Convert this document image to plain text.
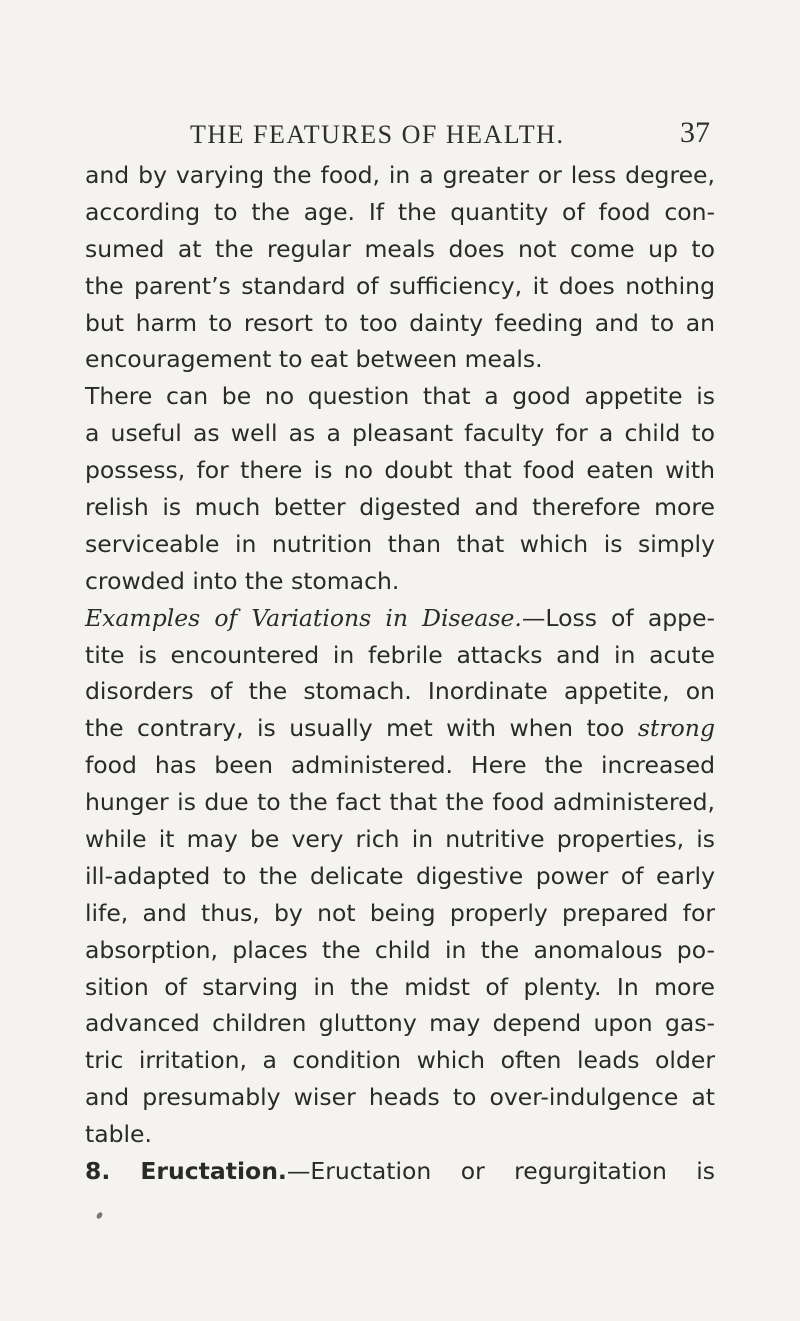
THE FEATURES OF HEALTH.	37
and by varying the food, in a greater or less degree,
according to the age. If the quantity of food con-
sumed at the regular meals does not come up to
the parent’s standard of sufficiency, it does nothing
but harm to resort to too dainty feeding and to an
encouragement to eat between meals.
There can be no question that a good appetite is
a useful as well as a pleasant faculty for a child to
possess, for there is no doubt that food eaten with
relish is much better digested and therefore more
serviceable in nutrition than that which is simply
crowded into the stomach.
Examples of Variations in Disease.—Loss of appe-
tite is encountered in febrile attacks and in acute
disorders of the stomach. Inordinate appetite, on
the contrary, is usually met with when too strong
food has been administered. Here the increased
hunger is due to the fact that the food administered,
while it may be very rich in nutritive properties, is
ill-adapted to the delicate digestive power of early
life, and thus, by not being properly prepared for
absorption, places the child in the anomalous po-
sition of starving in the midst of plenty. In more
advanced children gluttony may depend upon gas-
tric irritation, a condition which often leads older
and presumably wiser heads to over-indulgence at
table.
8. Eructation.—Eructation or regurgitation is
